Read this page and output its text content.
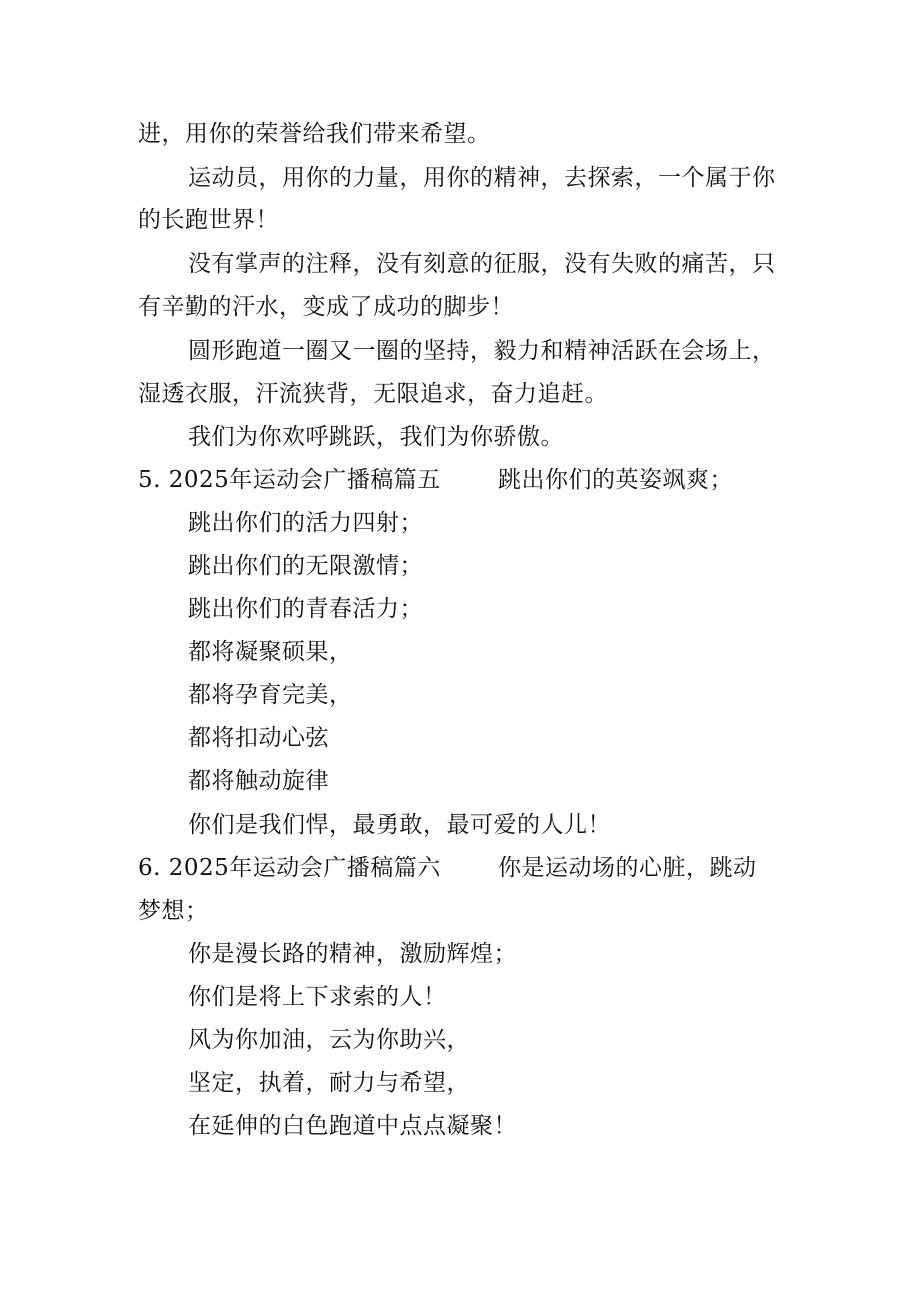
进，用你的荣誉给我们带来希望。
运动员，用你的力量，用你的精神，去探索，一个属于你
的长跑世界！
没有掌声的注释，没有刻意的征服，没有失败的痛苦，只
有辛勤的汗水，变成了成功的脚步！
圆形跑道一圈又一圈的坚持，毅力和精神活跃在会场上，
湿透衣服，汗流狭背，无限追求，奋力追赶。
我们为你欢呼跳跃，我们为你骄傲。
5. 2025年运动会广播稿篇五 跳出你们的英姿飒爽；
跳出你们的活力四射；
跳出你们的无限激情；
跳出你们的青春活力；
都将凝聚硕果，
都将孕育完美，
都将扣动心弦
都将触动旋律
你们是我们悍，最勇敢，最可爱的人儿！
6. 2025年运动会广播稿篇六 你是运动场的心脏，跳动
梦想；
你是漫长路的精神，激励辉煌；
你们是将上下求索的人！
风为你加油，云为你助兴，
坚定，执着，耐力与希望，
在延伸的白色跑道中点点凝聚！
